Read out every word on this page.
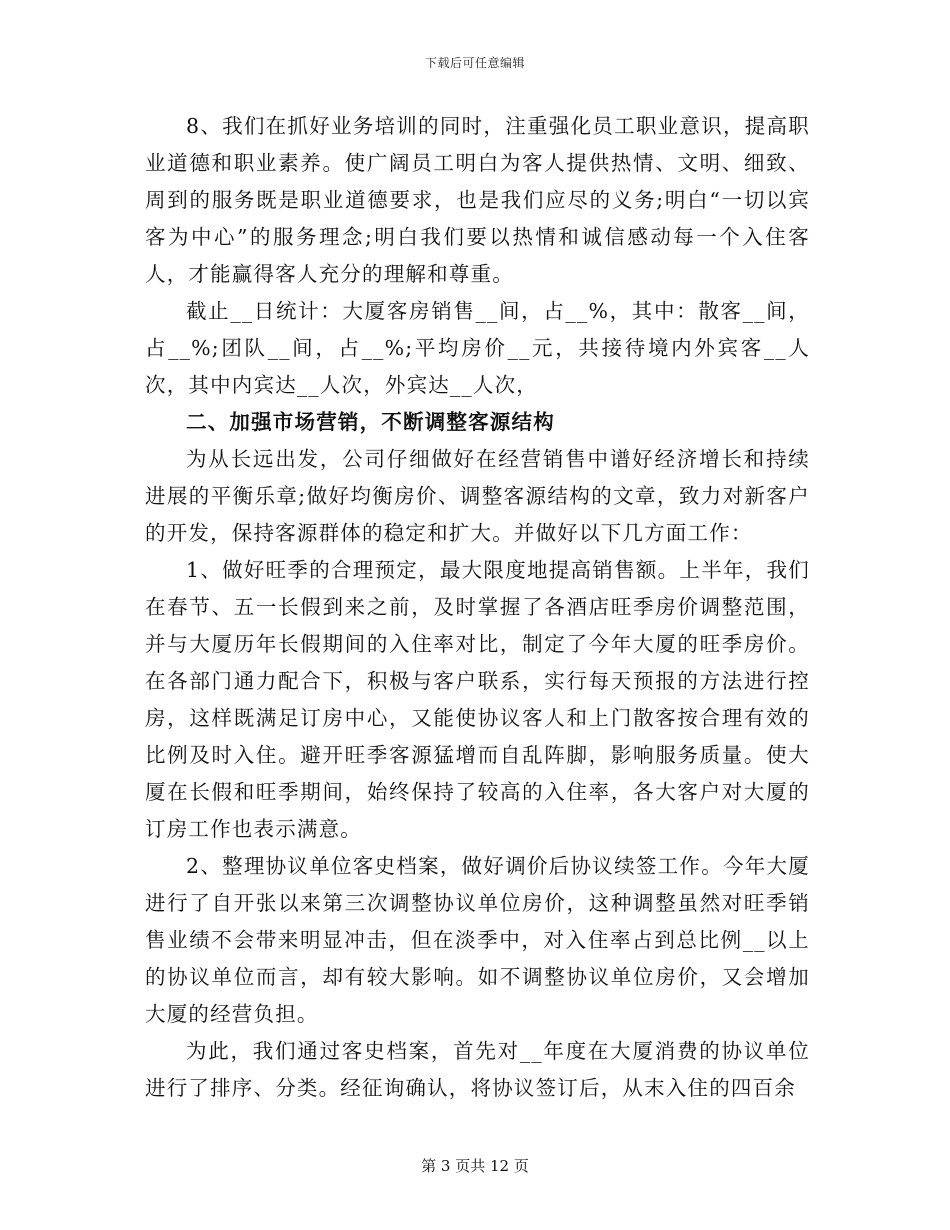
下载后可任意编辑

8、我们在抓好业务培训的同时，注重强化员工职业意识，提高职业道德和职业素养。使广阔员工明白为客人提供热情、文明、细致、周到的服务既是职业道德要求，也是我们应尽的义务;明白“一切以宾客为中心”的服务理念;明白我们要以热情和诚信感动每一个入住客人，才能赢得客人充分的理解和尊重。

截止__日统计：大厦客房销售__间，占__%，其中：散客__间，占__%;团队__间，占__%;平均房价__元，共接待境内外宾客__人次，其中内宾达__人次，外宾达__人次，

二、加强市场营销，不断调整客源结构

为从长远出发，公司仔细做好在经营销售中谱好经济增长和持续进展的平衡乐章;做好均衡房价、调整客源结构的文章，致力对新客户的开发，保持客源群体的稳定和扩大。并做好以下几方面工作：

1、做好旺季的合理预定，最大限度地提高销售额。上半年，我们在春节、五一长假到来之前，及时掌握了各酒店旺季房价调整范围，并与大厦历年长假期间的入住率对比，制定了今年大厦的旺季房价。在各部门通力配合下，积极与客户联系，实行每天预报的方法进行控房，这样既满足订房中心，又能使协议客人和上门散客按合理有效的比例及时入住。避开旺季客源猛增而自乱阵脚，影响服务质量。使大厦在长假和旺季期间，始终保持了较高的入住率，各大客户对大厦的订房工作也表示满意。

2、整理协议单位客史档案，做好调价后协议续签工作。今年大厦进行了自开张以来第三次调整协议单位房价，这种调整虽然对旺季销售业绩不会带来明显冲击，但在淡季中，对入住率占到总比例__以上的协议单位而言，却有较大影响。如不调整协议单位房价，又会增加大厦的经营负担。

为此，我们通过客史档案，首先对__年度在大厦消费的协议单位进行了排序、分类。经征询确认，将协议签订后，从末入住的四百余

第 3 页共 12 页
